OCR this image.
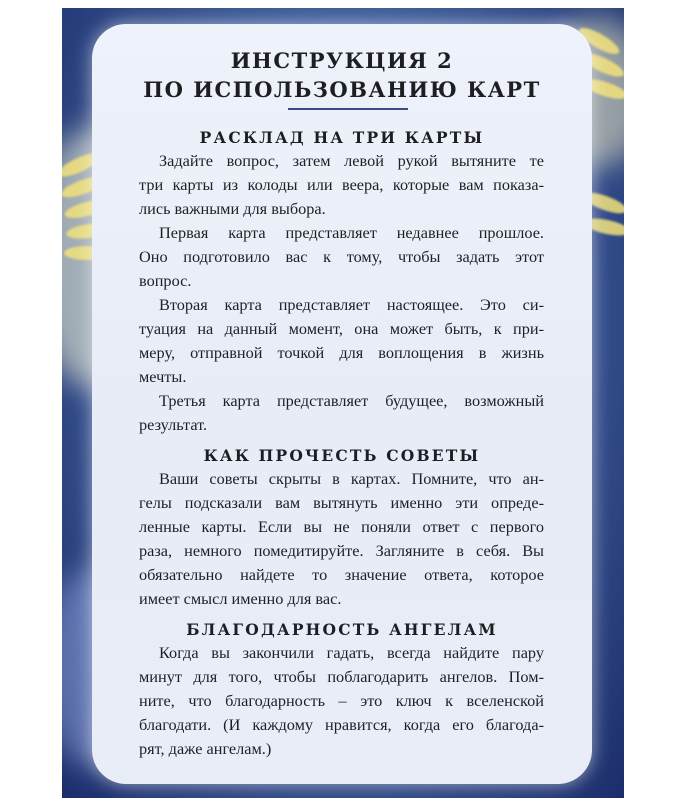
ИНСТРУКЦИЯ 2
ПО ИСПОЛЬЗОВАНИЮ КАРТ
РАСКЛАД НА ТРИ КАРТЫ

Задайте вопрос, затем левой рукой вытяните те

три карты из колоды или веера, которые вам показа-

лись важными для выбора.

Первая карта представляет недавнее прошлое.

Оно подготовило вас к тому, чтобы задать этот

вопрос.

Вторая карта представляет настоящее. Это си-

туация на данный момент, она может быть, к при-

меру, отправной точкой для воплощения в жизнь

мечты.

Третья карта представляет будущее, возможный

результат.

КАК ПРОЧЕСТЬ СОВЕТЫ

Ваши советы скрыты в картах. Помните, что ан-

гелы подсказали вам вытянуть именно эти опреде-

ленные карты. Если вы не поняли ответ с первого

раза, немного помедитируйте. Загляните в себя. Вы

обязательно найдете то значение ответа, которое

имеет смысл именно для вас.

БЛАГОДАРНОСТЬ АНГЕЛАМ

Когда вы закончили гадать, всегда найдите пару

минут для того, чтобы поблагодарить ангелов. Пом-

ните, что благодарность – это ключ к вселенской

благодати. (И каждому нравится, когда его благода-

рят, даже ангелам.)
